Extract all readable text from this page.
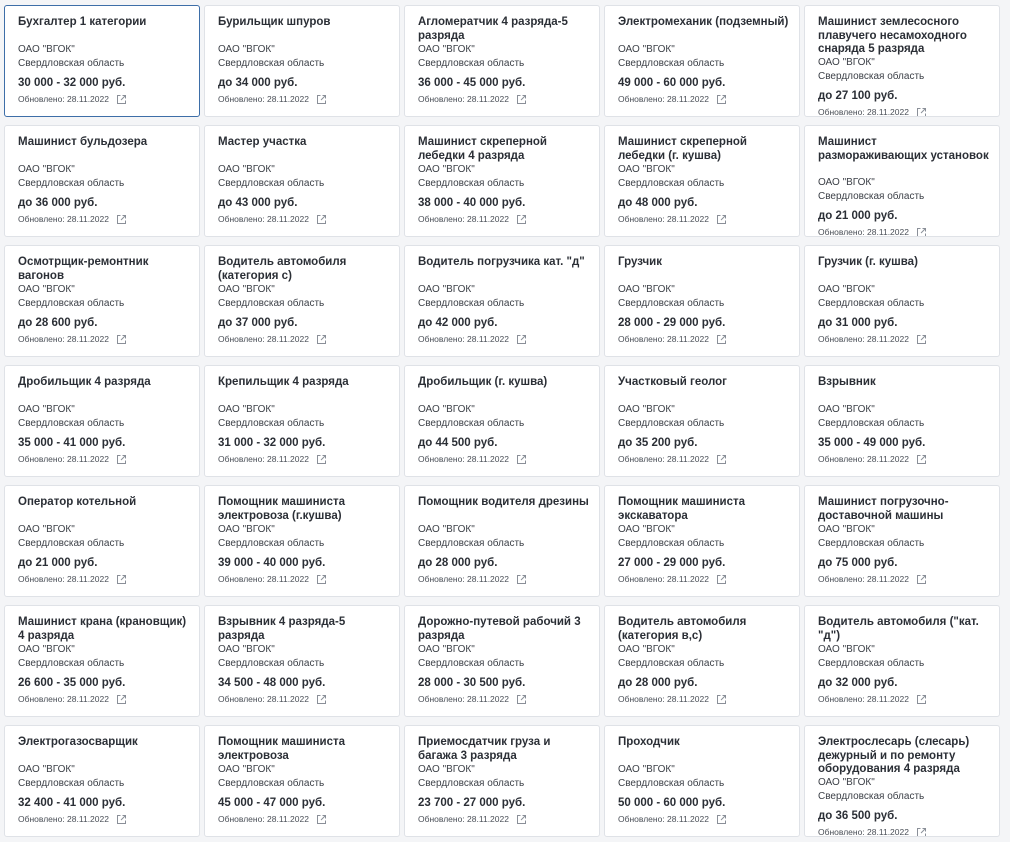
Бухгалтер 1 категории
ОАО "ВГОК"
Свердловская область
30 000 - 32 000 руб.
Обновлено: 28.11.2022
Бурильщик шпуров
ОАО "ВГОК"
Свердловская область
до 34 000 руб.
Обновлено: 28.11.2022
Агломератчик 4 разряда-5 разряда
ОАО "ВГОК"
Свердловская область
36 000 - 45 000 руб.
Обновлено: 28.11.2022
Электромеханик (подземный)
ОАО "ВГОК"
Свердловская область
49 000 - 60 000 руб.
Обновлено: 28.11.2022
Машинист землесосного плавучего несамоходного снаряда 5 разряда
ОАО "ВГОК"
Свердловская область
до 27 100 руб.
Обновлено: 28.11.2022
Машинист бульдозера
ОАО "ВГОК"
Свердловская область
до 36 000 руб.
Обновлено: 28.11.2022
Мастер участка
ОАО "ВГОК"
Свердловская область
до 43 000 руб.
Обновлено: 28.11.2022
Машинист скреперной лебедки 4 разряда
ОАО "ВГОК"
Свердловская область
38 000 - 40 000 руб.
Обновлено: 28.11.2022
Машинист скреперной лебедки (г. кушва)
ОАО "ВГОК"
Свердловская область
до 48 000 руб.
Обновлено: 28.11.2022
Машинист размораживающих установок
ОАО "ВГОК"
Свердловская область
до 21 000 руб.
Обновлено: 28.11.2022
Осмотрщик-ремонтник вагонов
ОАО "ВГОК"
Свердловская область
до 28 600 руб.
Обновлено: 28.11.2022
Водитель автомобиля (категория с)
ОАО "ВГОК"
Свердловская область
до 37 000 руб.
Обновлено: 28.11.2022
Водитель погрузчика кат. "д"
ОАО "ВГОК"
Свердловская область
до 42 000 руб.
Обновлено: 28.11.2022
Грузчик
ОАО "ВГОК"
Свердловская область
28 000 - 29 000 руб.
Обновлено: 28.11.2022
Грузчик (г. кушва)
ОАО "ВГОК"
Свердловская область
до 31 000 руб.
Обновлено: 28.11.2022
Дробильщик 4 разряда
ОАО "ВГОК"
Свердловская область
35 000 - 41 000 руб.
Обновлено: 28.11.2022
Крепильщик 4 разряда
ОАО "ВГОК"
Свердловская область
31 000 - 32 000 руб.
Обновлено: 28.11.2022
Дробильщик (г. кушва)
ОАО "ВГОК"
Свердловская область
до 44 500 руб.
Обновлено: 28.11.2022
Участковый геолог
ОАО "ВГОК"
Свердловская область
до 35 200 руб.
Обновлено: 28.11.2022
Взрывник
ОАО "ВГОК"
Свердловская область
35 000 - 49 000 руб.
Обновлено: 28.11.2022
Оператор котельной
ОАО "ВГОК"
Свердловская область
до 21 000 руб.
Обновлено: 28.11.2022
Помощник машиниста электровоза (г.кушва)
ОАО "ВГОК"
Свердловская область
39 000 - 40 000 руб.
Обновлено: 28.11.2022
Помощник водителя дрезины
ОАО "ВГОК"
Свердловская область
до 28 000 руб.
Обновлено: 28.11.2022
Помощник машиниста экскаватора
ОАО "ВГОК"
Свердловская область
27 000 - 29 000 руб.
Обновлено: 28.11.2022
Машинист погрузочно-доставочной машины
ОАО "ВГОК"
Свердловская область
до 75 000 руб.
Обновлено: 28.11.2022
Машинист крана (крановщик) 4 разряда
ОАО "ВГОК"
Свердловская область
26 600 - 35 000 руб.
Обновлено: 28.11.2022
Взрывник 4 разряда-5 разряда
ОАО "ВГОК"
Свердловская область
34 500 - 48 000 руб.
Обновлено: 28.11.2022
Дорожно-путевой рабочий 3 разряда
ОАО "ВГОК"
Свердловская область
28 000 - 30 500 руб.
Обновлено: 28.11.2022
Водитель автомобиля (категория в,с)
ОАО "ВГОК"
Свердловская область
до 28 000 руб.
Обновлено: 28.11.2022
Водитель автомобиля ("кат. "д")
ОАО "ВГОК"
Свердловская область
до 32 000 руб.
Обновлено: 28.11.2022
Электрогазосварщик
ОАО "ВГОК"
Свердловская область
32 400 - 41 000 руб.
Обновлено: 28.11.2022
Помощник машиниста электровоза
ОАО "ВГОК"
Свердловская область
45 000 - 47 000 руб.
Обновлено: 28.11.2022
Приемосдатчик груза и багажа 3 разряда
ОАО "ВГОК"
Свердловская область
23 700 - 27 000 руб.
Обновлено: 28.11.2022
Проходчик
ОАО "ВГОК"
Свердловская область
50 000 - 60 000 руб.
Обновлено: 28.11.2022
Электрослесарь (слесарь) дежурный и по ремонту оборудования 4 разряда
ОАО "ВГОК"
Свердловская область
до 36 500 руб.
Обновлено: 28.11.2022
